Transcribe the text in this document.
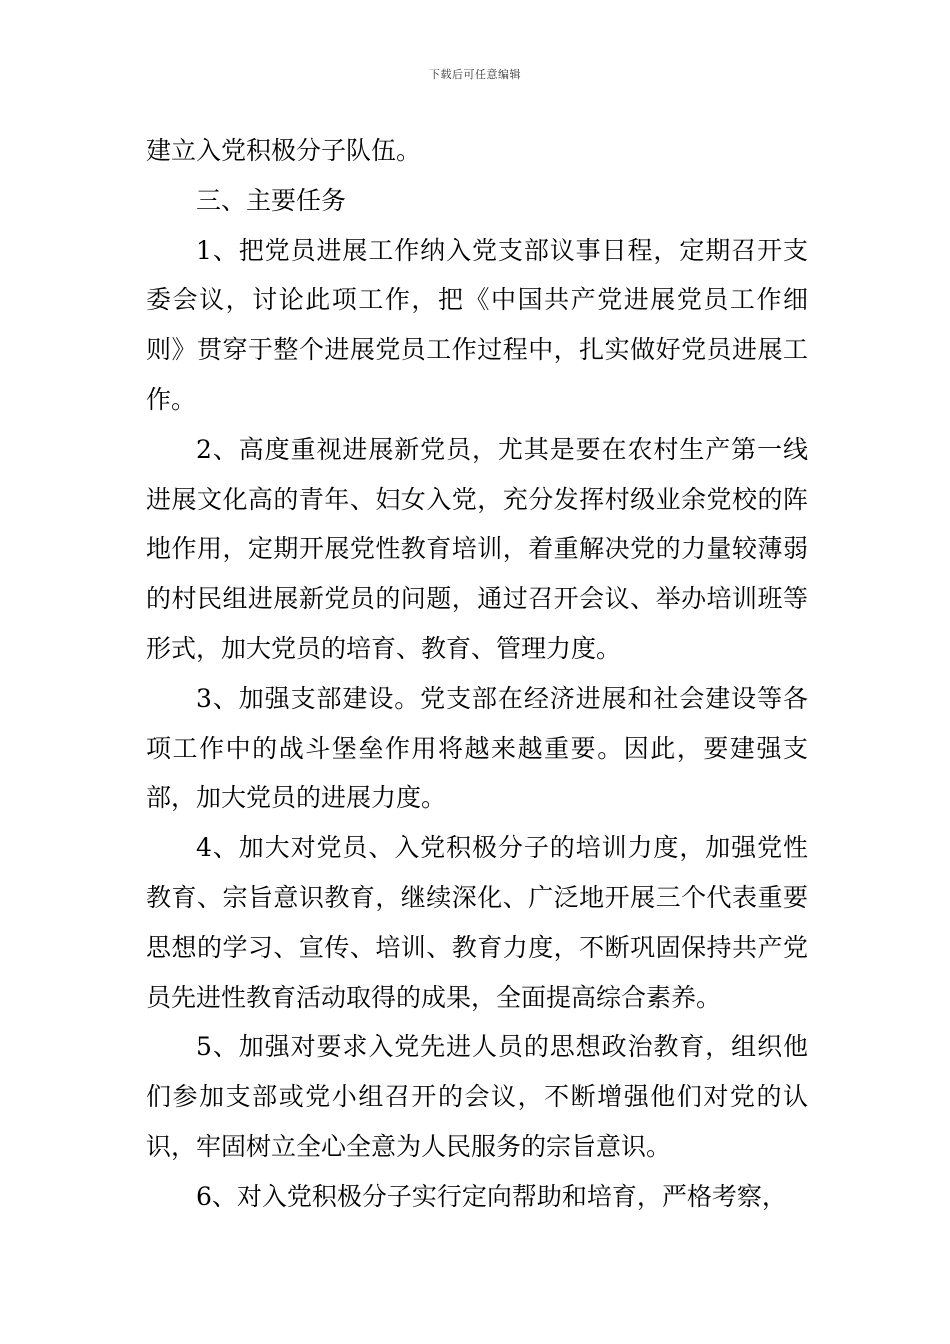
下载后可任意编辑

建立入党积极分子队伍。

三、主要任务

1、把党员进展工作纳入党支部议事日程，定期召开支委会议，讨论此项工作，把《中国共产党进展党员工作细则》贯穿于整个进展党员工作过程中，扎实做好党员进展工作。

2、高度重视进展新党员，尤其是要在农村生产第一线进展文化高的青年、妇女入党，充分发挥村级业余党校的阵地作用，定期开展党性教育培训，着重解决党的力量较薄弱的村民组进展新党员的问题，通过召开会议、举办培训班等形式，加大党员的培育、教育、管理力度。

3、加强支部建设。党支部在经济进展和社会建设等各项工作中的战斗堡垒作用将越来越重要。因此，要建强支部，加大党员的进展力度。

4、加大对党员、入党积极分子的培训力度，加强党性教育、宗旨意识教育，继续深化、广泛地开展三个代表重要思想的学习、宣传、培训、教育力度，不断巩固保持共产党员先进性教育活动取得的成果，全面提高综合素养。

5、加强对要求入党先进人员的思想政治教育，组织他们参加支部或党小组召开的会议，不断增强他们对党的认识，牢固树立全心全意为人民服务的宗旨意识。

6、对入党积极分子实行定向帮助和培育，严格考察，
